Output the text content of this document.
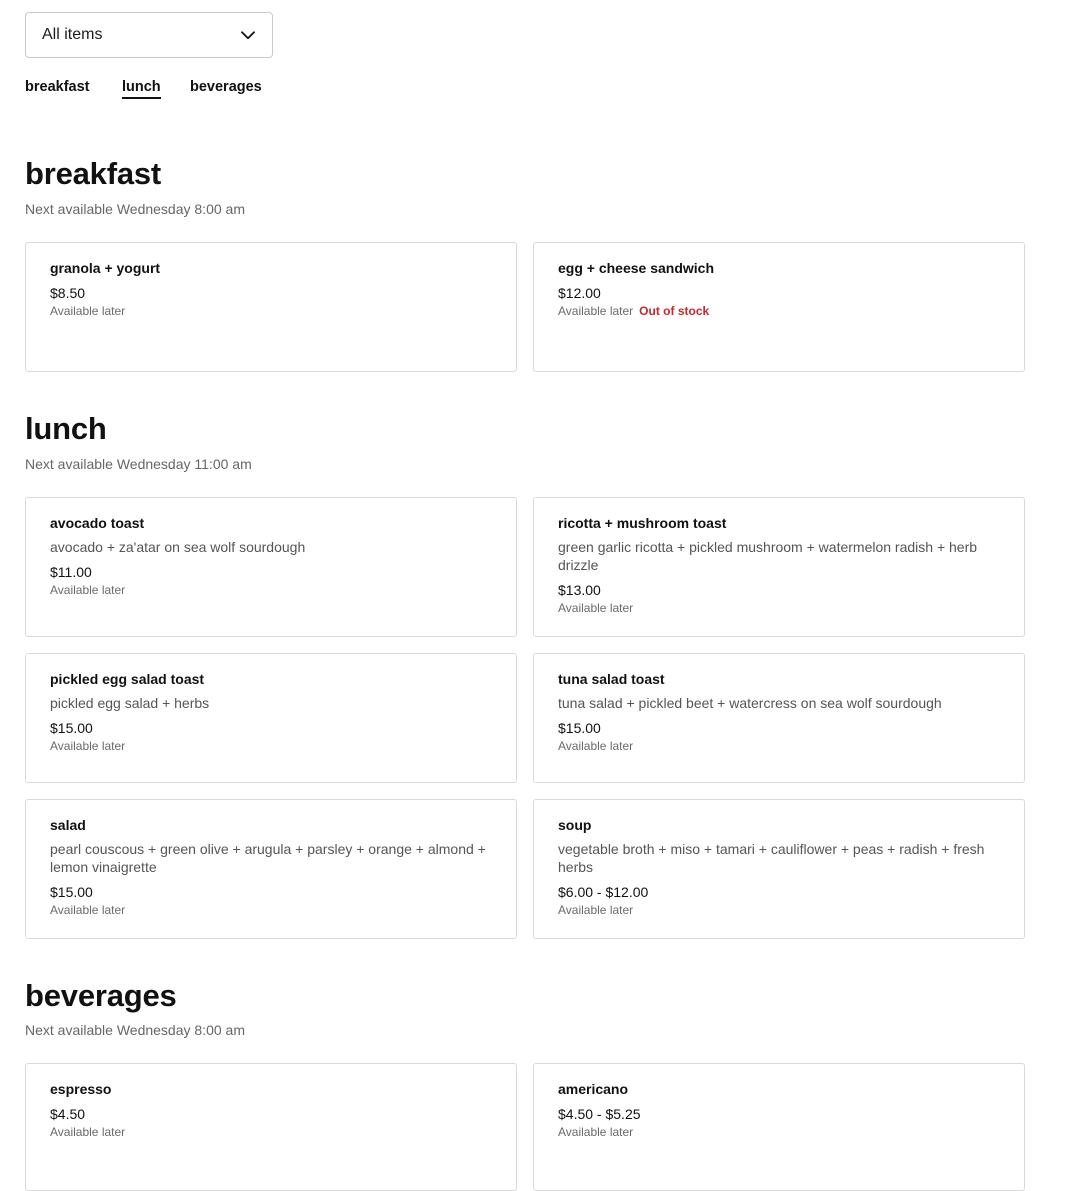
All items
breakfast lunch beverages
breakfast
Next available Wednesday 8:00 am
granola + yogurt
$8.50
Available later
egg + cheese sandwich
$12.00
Available later Out of stock
lunch
Next available Wednesday 11:00 am
avocado toast
avocado + za'atar on sea wolf sourdough
$11.00
Available later
ricotta + mushroom toast
green garlic ricotta + pickled mushroom + watermelon radish + herb drizzle
$13.00
Available later
pickled egg salad toast
pickled egg salad + herbs
$15.00
Available later
tuna salad toast
tuna salad + pickled beet + watercress on sea wolf sourdough
$15.00
Available later
salad
pearl couscous + green olive + arugula + parsley + orange + almond + lemon vinaigrette
$15.00
Available later
soup
vegetable broth + miso + tamari + cauliflower + peas + radish + fresh herbs
$6.00 - $12.00
Available later
beverages
Next available Wednesday 8:00 am
espresso
$4.50
Available later
americano
$4.50 - $5.25
Available later
